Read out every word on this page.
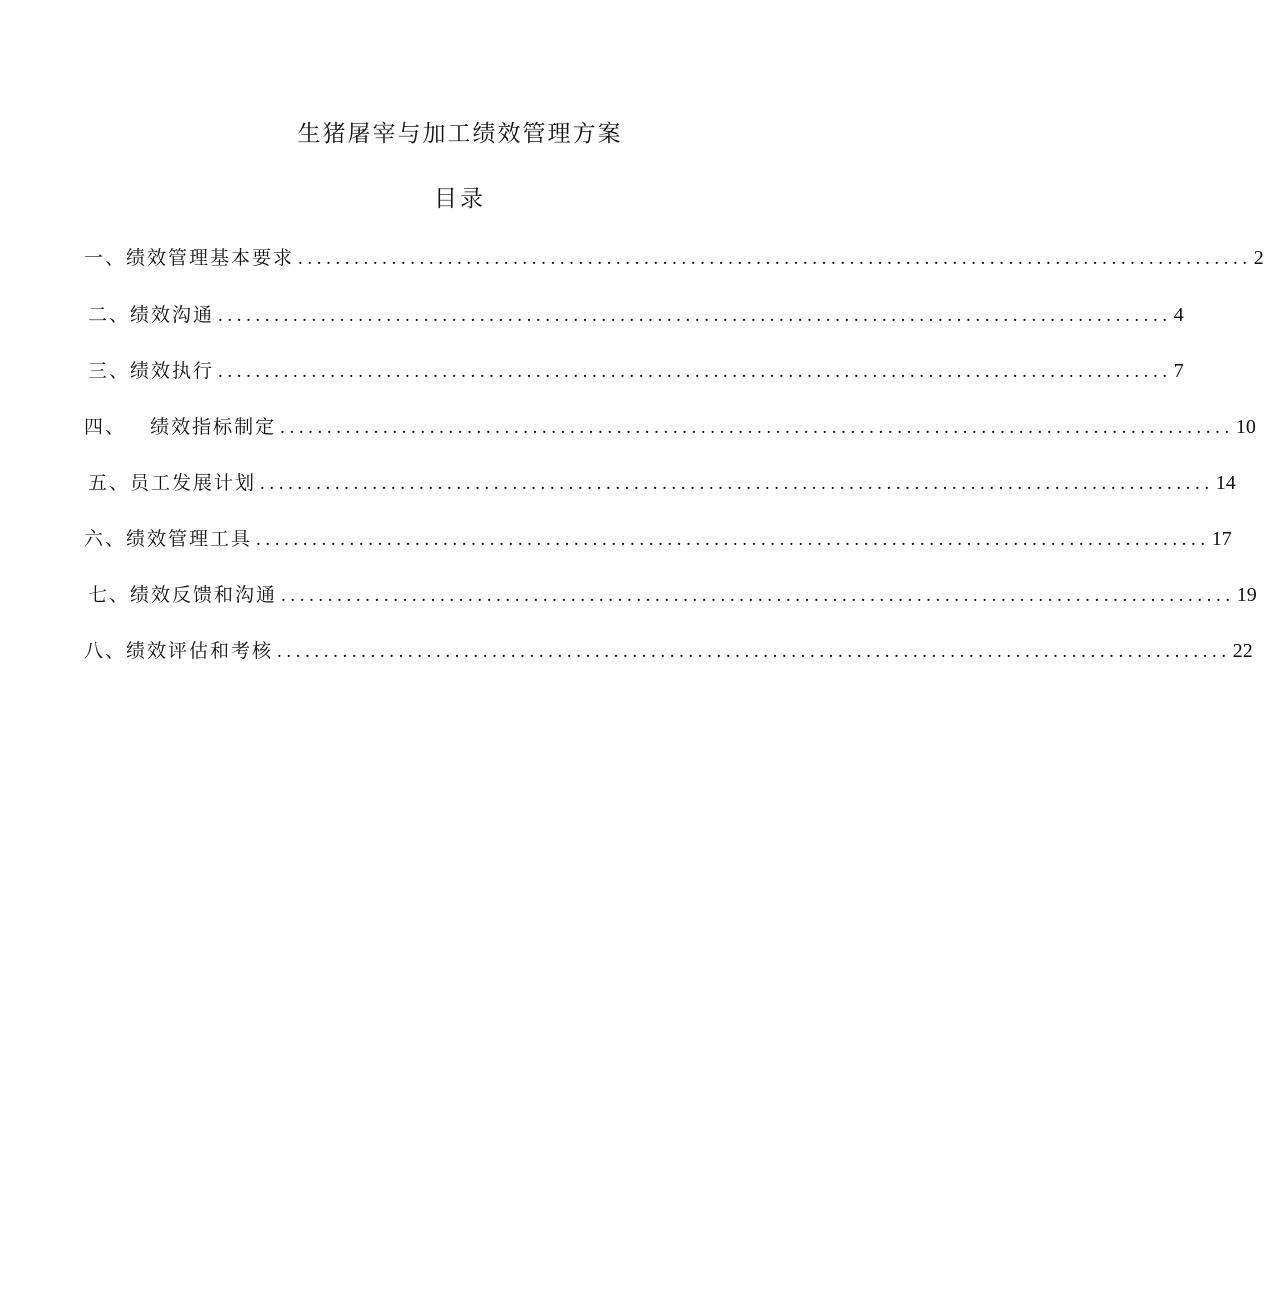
生猪屠宰与加工绩效管理方案
目录
一、绩效管理基本要求 ...................................................................................................... 2
二、绩效沟通 ...................................................................................................... 4
三、绩效执行 ...................................................................................................... 7
四、   绩效指标制定 ...................................................................................................... 10
五、员工发展计划 ...................................................................................................... 14
六、绩效管理工具 ...................................................................................................... 17
七、绩效反馈和沟通 ...................................................................................................... 19
八、绩效评估和考核 ...................................................................................................... 22
